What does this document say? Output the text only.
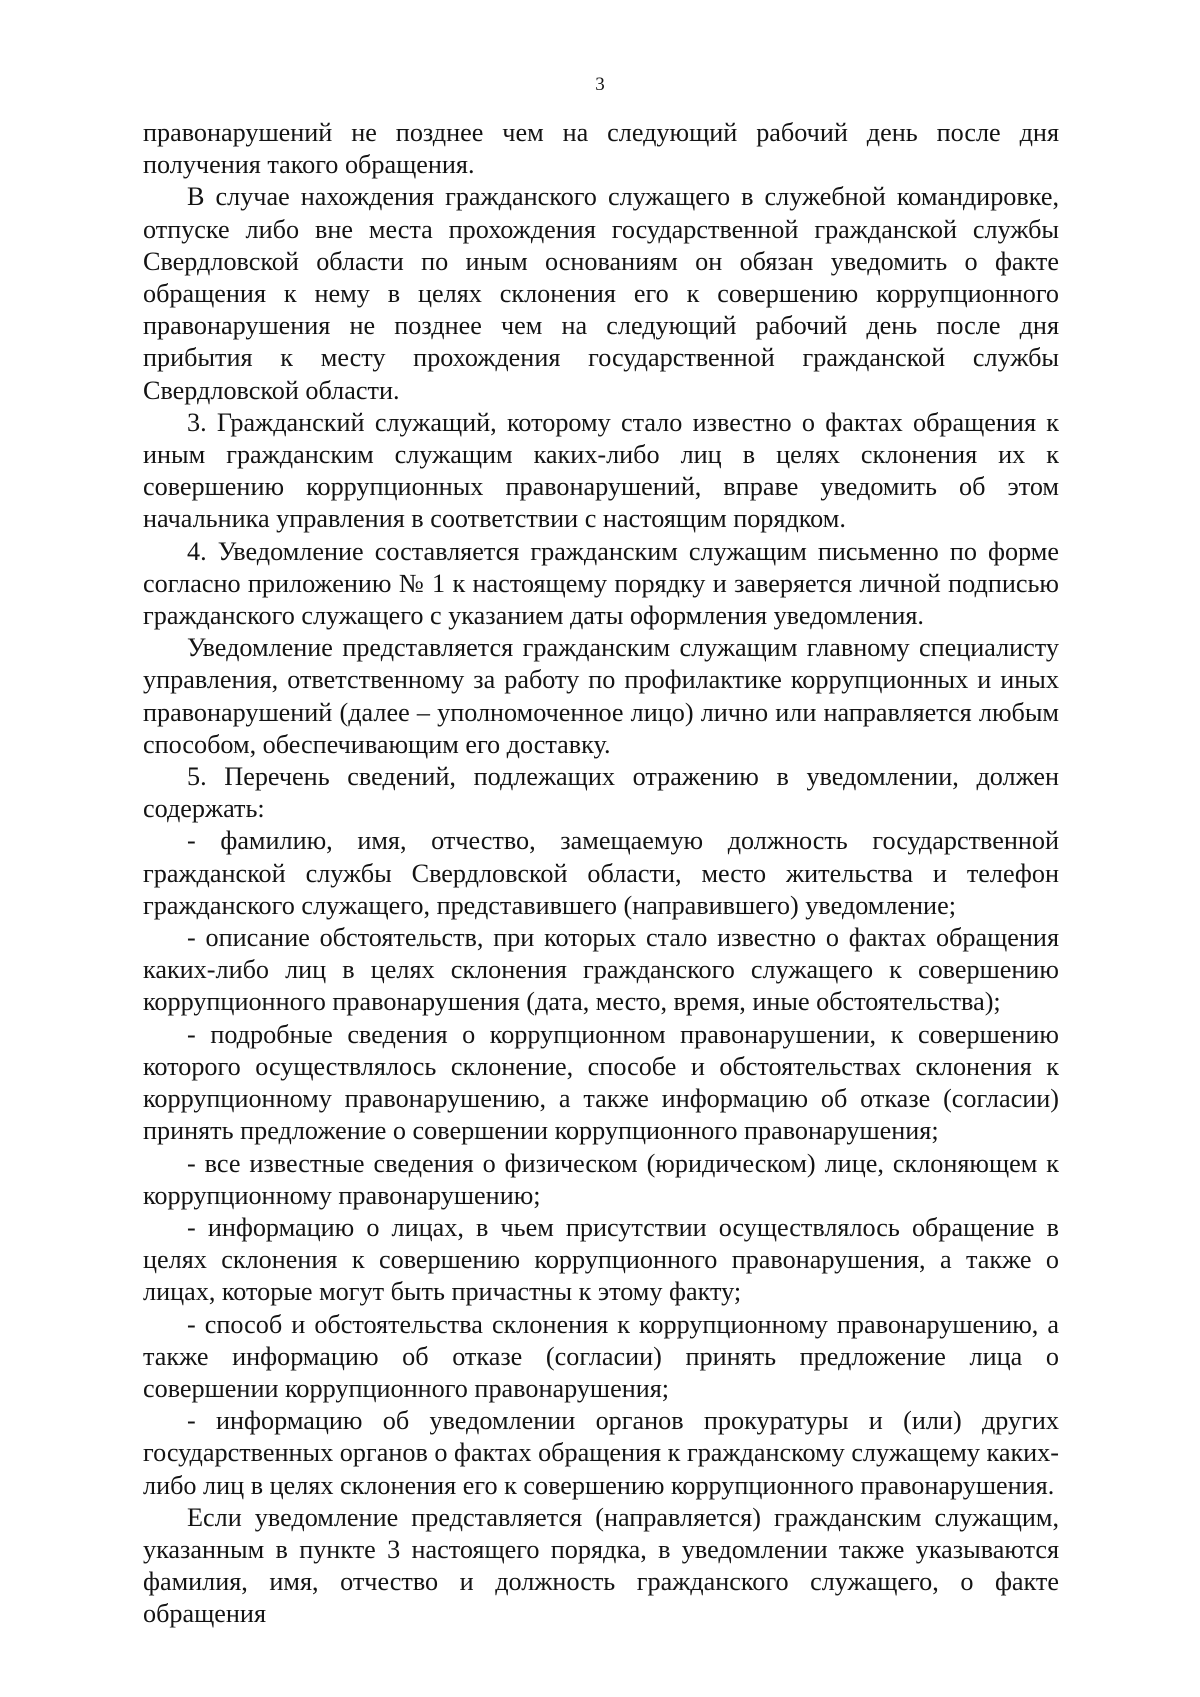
3

правонарушений не позднее чем на следующий рабочий день после дня получения такого обращения.

В случае нахождения гражданского служащего в служебной командировке, отпуске либо вне места прохождения государственной гражданской службы Свердловской области по иным основаниям он обязан уведомить о факте обращения к нему в целях склонения его к совершению коррупционного правонарушения не позднее чем на следующий рабочий день после дня прибытия к месту прохождения государственной гражданской службы Свердловской области.

3. Гражданский служащий, которому стало известно о фактах обращения к иным гражданским служащим каких-либо лиц в целях склонения их к совершению коррупционных правонарушений, вправе уведомить об этом начальника управления в соответствии с настоящим порядком.

4. Уведомление составляется гражданским служащим письменно по форме согласно приложению № 1 к настоящему порядку и заверяется личной подписью гражданского служащего с указанием даты оформления уведомления.

Уведомление представляется гражданским служащим главному специалисту управления, ответственному за работу по профилактике коррупционных и иных правонарушений (далее – уполномоченное лицо) лично или направляется любым способом, обеспечивающим его доставку.

5. Перечень сведений, подлежащих отражению в уведомлении, должен содержать:

- фамилию, имя, отчество, замещаемую должность государственной гражданской службы Свердловской области, место жительства и телефон гражданского служащего, представившего (направившего) уведомление;

- описание обстоятельств, при которых стало известно о фактах обращения каких-либо лиц в целях склонения гражданского служащего к совершению коррупционного правонарушения (дата, место, время, иные обстоятельства);

- подробные сведения о коррупционном правонарушении, к совершению которого осуществлялось склонение, способе и обстоятельствах склонения к коррупционному правонарушению, а также информацию об отказе (согласии) принять предложение о совершении коррупционного правонарушения;

- все известные сведения о физическом (юридическом) лице, склоняющем к коррупционному правонарушению;

- информацию о лицах, в чьем присутствии осуществлялось обращение в целях склонения к совершению коррупционного правонарушения, а также о лицах, которые могут быть причастны к этому факту;

- способ и обстоятельства склонения к коррупционному правонарушению, а также информацию об отказе (согласии) принять предложение лица о совершении коррупционного правонарушения;

- информацию об уведомлении органов прокуратуры и (или) других государственных органов о фактах обращения к гражданскому служащему каких-либо лиц в целях склонения его к совершению коррупционного правонарушения.

Если уведомление представляется (направляется) гражданским служащим, указанным в пункте 3 настоящего порядка, в уведомлении также указываются фамилия, имя, отчество и должность гражданского служащего, о факте обращения
